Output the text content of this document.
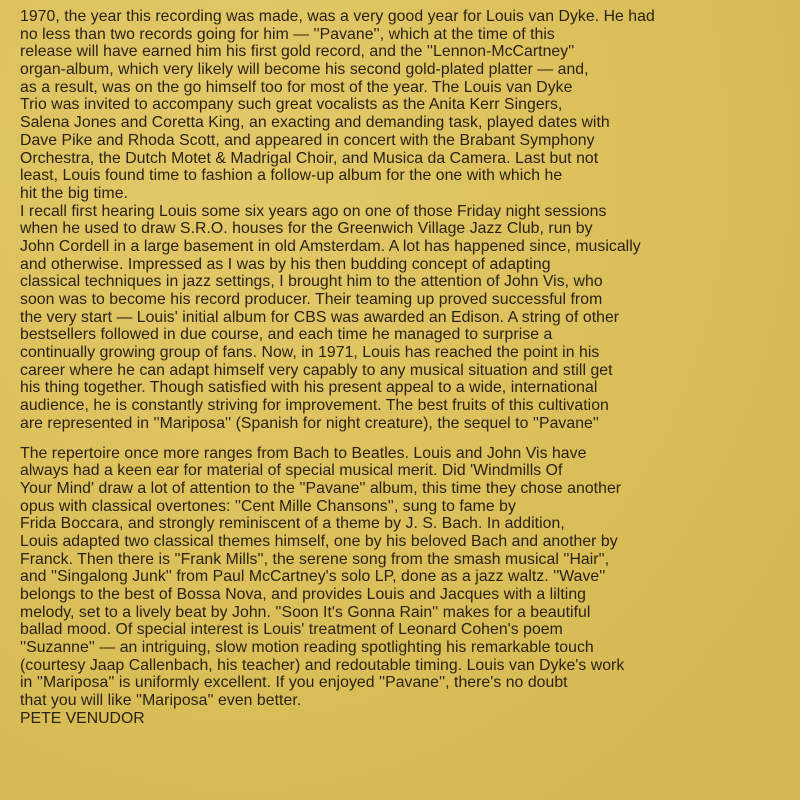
1970, the year this recording was made, was a very good year for Louis van Dyke. He had
no less than two records going for him — ''Pavane'', which at the time of this
release will have earned him his first gold record, and the ''Lennon-McCartney''
organ-album, which very likely will become his second gold-plated platter — and,
as a result, was on the go himself too for most of the year. The Louis van Dyke
Trio was invited to accompany such great vocalists as the Anita Kerr Singers,
Salena Jones and Coretta King, an exacting and demanding task, played dates with
Dave Pike and Rhoda Scott, and appeared in concert with the Brabant Symphony
Orchestra, the Dutch Motet & Madrigal Choir, and Musica da Camera. Last but not
least, Louis found time to fashion a follow-up album for the one with which he
hit the big time.
I recall first hearing Louis some six years ago on one of those Friday night sessions
when he used to draw S.R.O. houses for the Greenwich Village Jazz Club, run by
John Cordell in a large basement in old Amsterdam. A lot has happened since, musically
and otherwise. Impressed as I was by his then budding concept of adapting
classical techniques in jazz settings, I brought him to the attention of John Vis, who
soon was to become his record producer. Their teaming up proved successful from
the very start — Louis' initial album for CBS was awarded an Edison. A string of other
bestsellers followed in due course, and each time he managed to surprise a
continually growing group of fans. Now, in 1971, Louis has reached the point in his
career where he can adapt himself very capably to any musical situation and still get
his thing together. Though satisfied with his present appeal to a wide, international
audience, he is constantly striving for improvement. The best fruits of this cultivation
are represented in ''Mariposa'' (Spanish for night creature), the sequel to ''Pavane''
The repertoire once more ranges from Bach to Beatles. Louis and John Vis have
always had a keen ear for material of special musical merit. Did 'Windmills Of
Your Mind' draw a lot of attention to the ''Pavane'' album, this time they chose another
opus with classical overtones: ''Cent Mille Chansons'', sung to fame by
Frida Boccara, and strongly reminiscent of a theme by J. S. Bach. In addition,
Louis adapted two classical themes himself, one by his beloved Bach and another by
Franck. Then there is ''Frank Mills'', the serene song from the smash musical ''Hair'',
and ''Singalong Junk'' from Paul McCartney's solo LP, done as a jazz waltz. ''Wave''
belongs to the best of Bossa Nova, and provides Louis and Jacques with a lilting
melody, set to a lively beat by John. ''Soon It's Gonna Rain'' makes for a beautiful
ballad mood. Of special interest is Louis' treatment of Leonard Cohen's poem
''Suzanne'' — an intriguing, slow motion reading spotlighting his remarkable touch
(courtesy Jaap Callenbach, his teacher) and redoutable timing. Louis van Dyke's work
in ''Mariposa'' is uniformly excellent. If you enjoyed ''Pavane'', there's no doubt
that you will like ''Mariposa'' even better.
PETE VENUDOR
